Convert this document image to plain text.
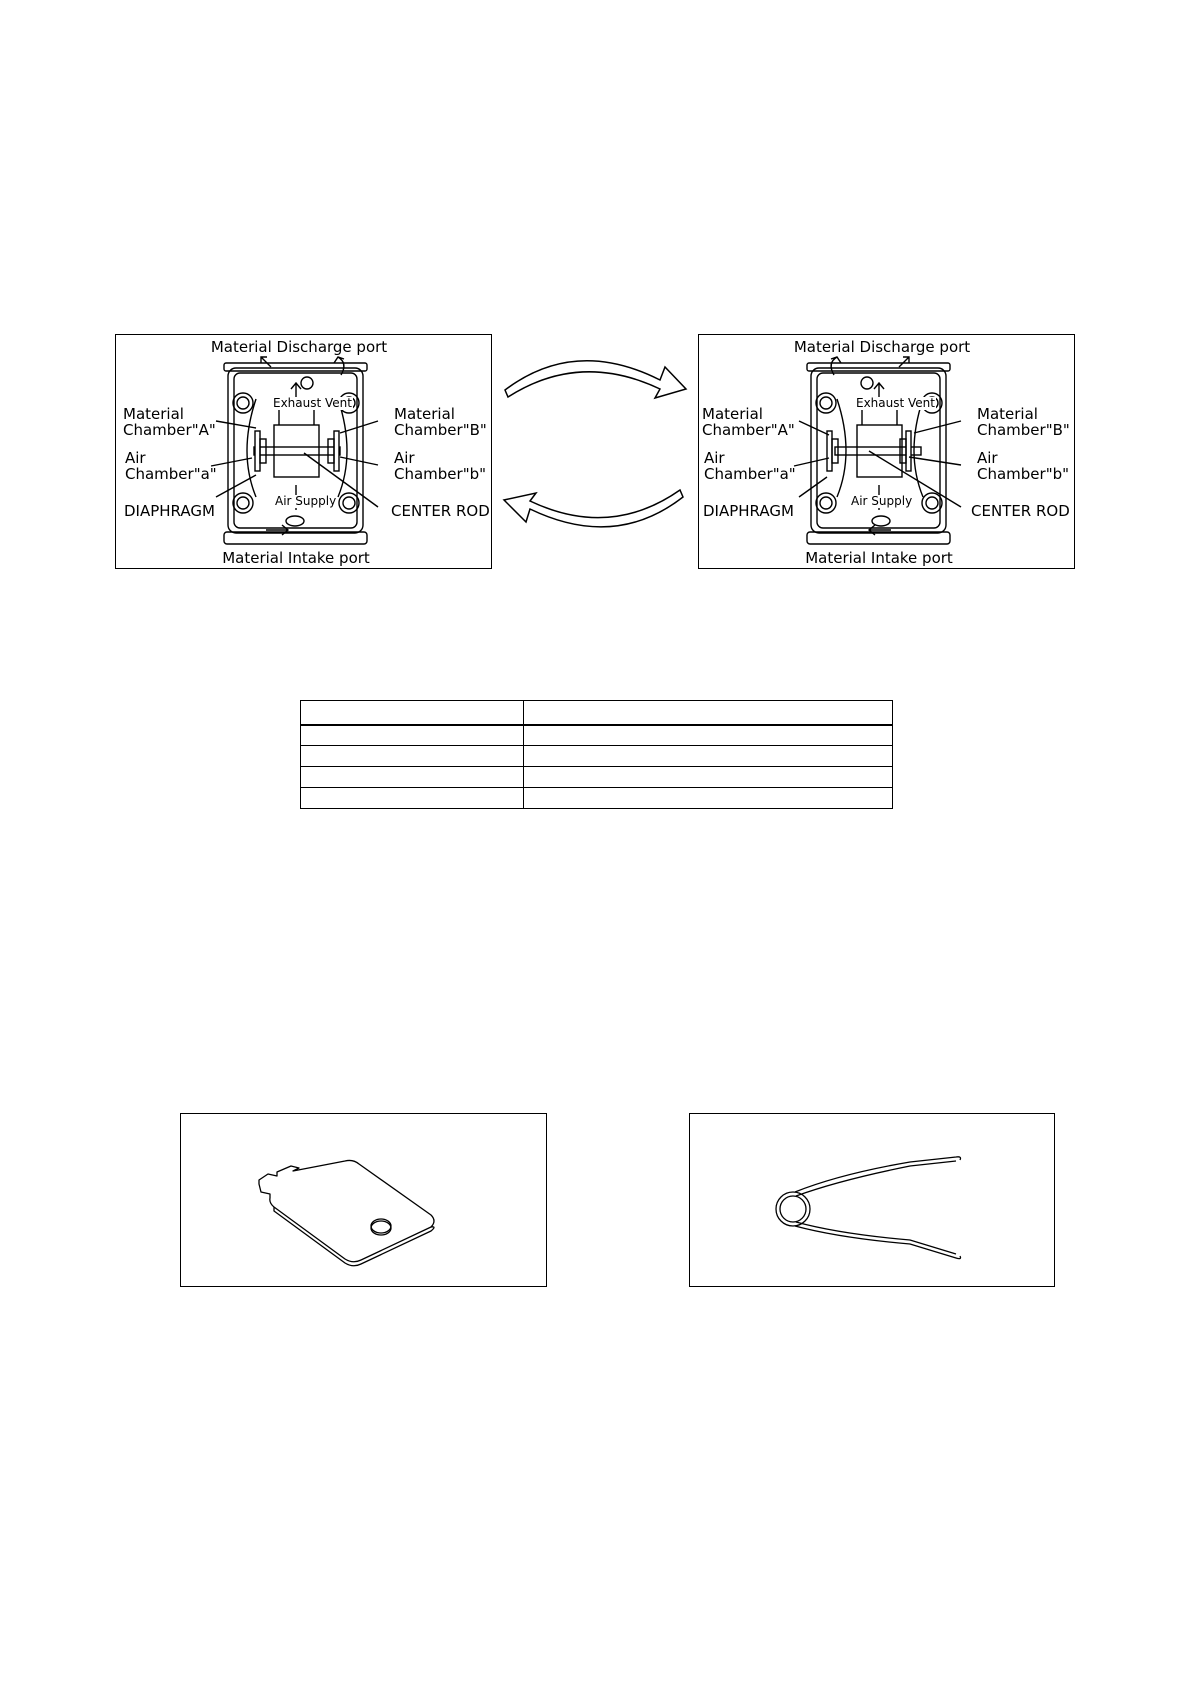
Material Discharge port
Exhaust Vent
Material
Chamber"A"
Material
Chamber"B"
Air
Chamber"a"
Air
Chamber"b"
DIAPHRAGM
Air Supply
CENTER ROD
Material Intake port
Material Discharge port
Exhaust Vent
Material
Chamber"A"
Material
Chamber"B"
Air
Chamber"a"
Air
Chamber"b"
DIAPHRAGM
Air Supply
CENTER ROD
Material Intake port
